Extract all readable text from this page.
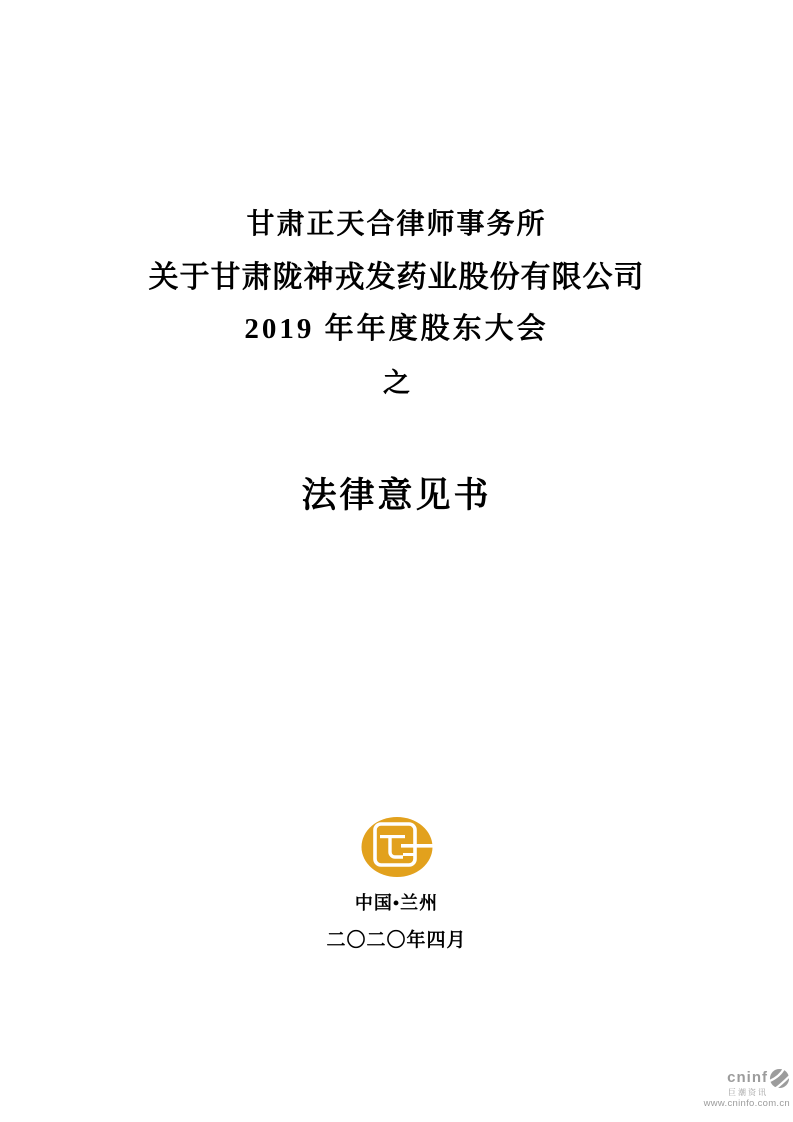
甘肃正天合律师事务所
关于甘肃陇神戎发药业股份有限公司
2019 年年度股东大会
之
法律意见书
中国•兰州
二〇二〇年四月
cninf
巨潮资讯
www.cninfo.com.cn
